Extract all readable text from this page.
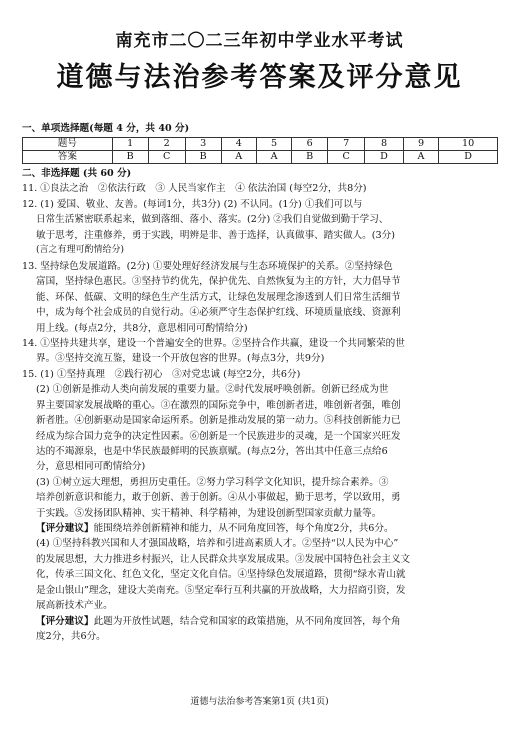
南充市二〇二三年初中学业水平考试
道德与法治参考答案及评分意见
一、单项选择题(每题 4 分，共 40 分)
题号	1	2	3	4	5	6	7	8	9	10
答案	B	C	B	A	A	B	C	D	A	D
二、非选择题 (共 60 分)
11. ①良法之治　②依法行政　③ 人民当家作主　④ 依法治国 (每空2分，共8分)
12. (1) 爱国、敬业、友善。(每词1分，共3分) (2) 不认同。(1分) ①我们可以与
日常生活紧密联系起来，做到落细、落小、落实。(2分) ②我们自觉做到勤于学习、
敏于思考，注重修养，勇于实践，明辨是非、善于选择，认真做事、踏实做人。(3分)
(言之有理可酌情给分)
13. 坚持绿色发展道路。(2分) ①要处理好经济发展与生态环境保护的关系。②坚持绿色
富国，坚持绿色惠民。③坚持节约优先，保护优先、自然恢复为主的方针，大力倡导节
能、环保、低碳、文明的绿色生产生活方式，让绿色发展理念渗透到人们日常生活细节
中，成为每个社会成员的自觉行动。④必须严守生态保护红线、环境质量底线、资源利
用上线。(每点2分，共8分，意思相同可酌情给分)
14. ①坚持共建共享，建设一个普遍安全的世界。②坚持合作共赢，建设一个共同繁荣的世
界。③坚持交流互鉴，建设一个开放包容的世界。(每点3分，共9分)
15. (1) ①坚持真理　②践行初心　③对党忠诚 (每空2分，共6分)
(2) ①创新是推动人类向前发展的重要力量。②时代发展呼唤创新。创新已经成为世
界主要国家发展战略的重心。③在激烈的国际竞争中，唯创新者进，唯创新者强，唯创
新者胜。④创新驱动是国家命运所系。创新是推动发展的第一动力。⑤科技创新能力已
经成为综合国力竞争的决定性因素。⑥创新是一个民族进步的灵魂，是一个国家兴旺发
达的不竭源泉，也是中华民族最鲜明的民族禀赋。(每点2分，答出其中任意三点给6
分，意思相同可酌情给分)
(3) ①树立远大理想，勇担历史重任。②努力学习科学文化知识，提升综合素养。③
培养创新意识和能力，敢于创新、善于创新。④从小事做起，勤于思考，学以致用，勇
于实践。⑤发扬团队精神、实干精神、科学精神，为建设创新型国家贡献力量等。
【评分建议】能围绕培养创新精神和能力，从不同角度回答，每个角度2分，共6分。
(4) ①坚持科教兴国和人才强国战略，培养和引进高素质人才。②坚持“以人民为中心”
的发展思想，大力推进乡村振兴，让人民群众共享发展成果。③发展中国特色社会主义文
化，传承三国文化、红色文化，坚定文化自信。④坚持绿色发展道路，贯彻“绿水青山就
是金山银山”理念，建设大美南充。⑤坚定奉行互利共赢的开放战略，大力招商引资，发
展高新技术产业。
【评分建议】此题为开放性试题，结合党和国家的政策措施，从不同角度回答，每个角
度2分，共6分。
道德与法治参考答案第1页 (共1页)
